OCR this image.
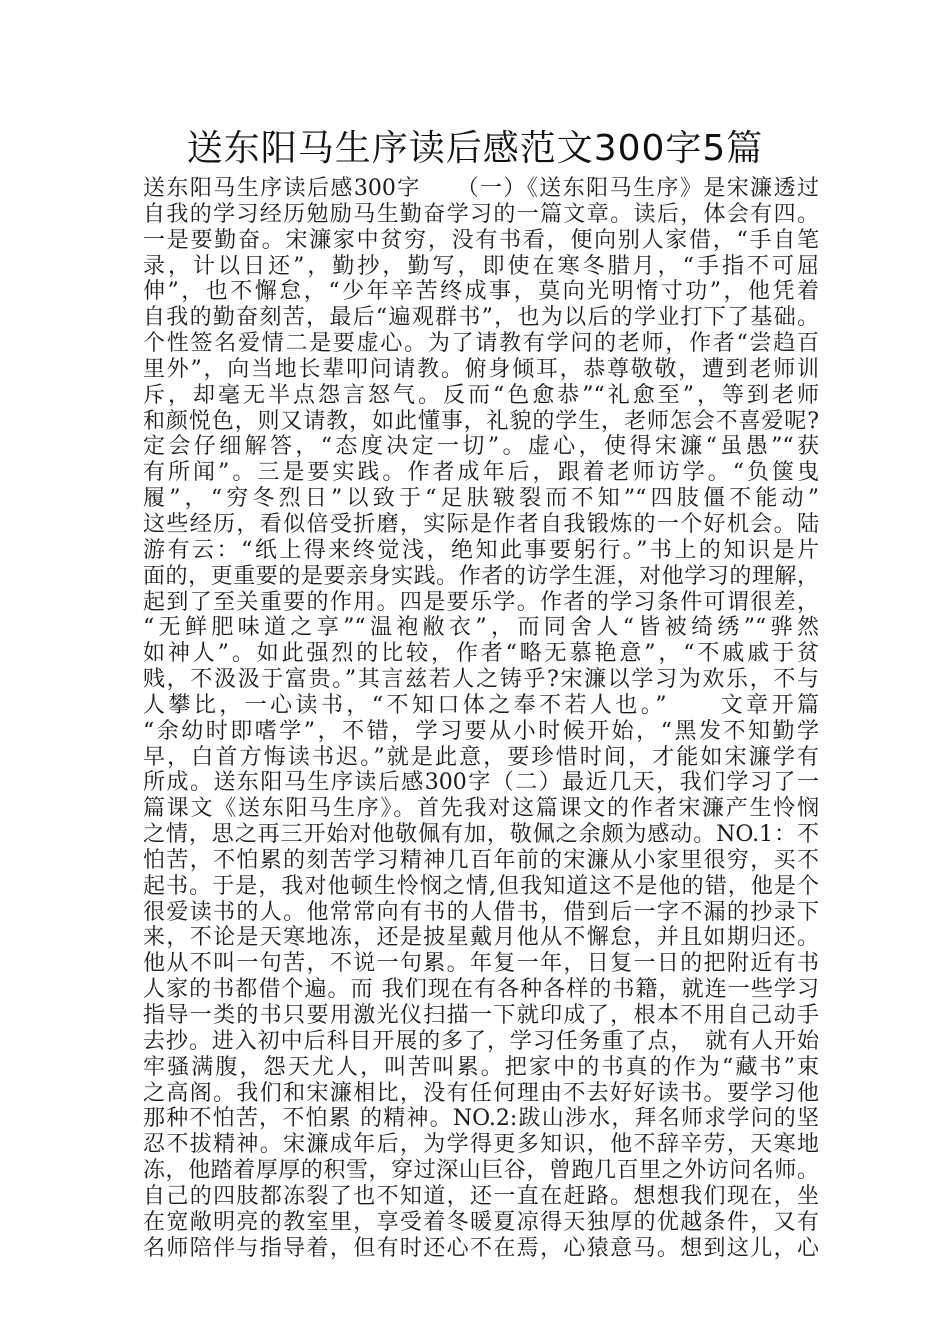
送东阳马生序读后感范文300字5篇
送东阳马生序读后感300字　　（一）《送东阳马生序》是宋濂透过
自我的学习经历勉励马生勤奋学习的一篇文章。读后，体会有四。
一是要勤奋。宋濂家中贫穷，没有书看，便向别人家借，“手自笔
录，计以日还”，勤抄，勤写，即使在寒冬腊月，“手指不可屈
伸”，也不懈怠，“少年辛苦终成事，莫向光明惰寸功”，他凭着
自我的勤奋刻苦，最后“遍观群书”，也为以后的学业打下了基础。
个性签名爱情二是要虚心。为了请教有学问的老师，作者“尝趋百
里外”，向当地长辈叩问请教。俯身倾耳，恭尊敬敬，遭到老师训
斥，却毫无半点怨言怒气。反而“色愈恭”“礼愈至”，等到老师
和颜悦色，则又请教，如此懂事，礼貌的学生，老师怎会不喜爱呢?
定会仔细解答，“态度决定一切”。虚心，使得宋濂“虽愚”“获
有所闻”。三是要实践。作者成年后，跟着老师访学。“负箧曳
履”，“穷冬烈日”以致于“足肤皲裂而不知”“四肢僵不能动”
这些经历，看似倍受折磨，实际是作者自我锻炼的一个好机会。陆
游有云：“纸上得来终觉浅，绝知此事要躬行。”书上的知识是片
面的，更重要的是要亲身实践。作者的访学生涯，对他学习的理解，
起到了至关重要的作用。四是要乐学。作者的学习条件可谓很差，
“无鲜肥味道之享”“温袍敝衣”，而同舍人“皆被绮绣”“骅然
如神人”。如此强烈的比较，作者“略无慕艳意”，“不戚戚于贫
贱，不汲汲于富贵。”其言兹若人之铸乎?宋濂以学习为欢乐，不与
人攀比，一心读书，“不知口体之奉不若人也。”　　文章开篇
“余幼时即嗜学”，不错，学习要从小时候开始，“黑发不知勤学
早，白首方悔读书迟。”就是此意，要珍惜时间，才能如宋濂学有
所成。送东阳马生序读后感300字（二）最近几天，我们学习了一
篇课文《送东阳马生序》。首先我对这篇课文的作者宋濂产生怜悯
之情，思之再三开始对他敬佩有加，敬佩之余颇为感动。NO.1：不
怕苦，不怕累的刻苦学习精神几百年前的宋濂从小家里很穷，买不
起书。于是，我对他顿生怜悯之情,但我知道这不是他的错，他是个
很爱读书的人。他常常向有书的人借书，借到后一字不漏的抄录下
来，不论是天寒地冻，还是披星戴月他从不懈怠，并且如期归还。
他从不叫一句苦，不说一句累。年复一年，日复一日的把附近有书
人家的书都借个遍。而 我们现在有各种各样的书籍，就连一些学习
指导一类的书只要用激光仪扫描一下就印成了，根本不用自己动手
去抄。进入初中后科目开展的多了，学习任务重了点，　就有人开始
牢骚满腹，怨天尤人，叫苦叫累。把家中的书真的作为“藏书”束
之高阁。我们和宋濂相比，没有任何理由不去好好读书。要学习他
那种不怕苦，不怕累 的精神。NO.2:跋山涉水，拜名师求学问的坚
忍不拔精神。宋濂成年后，为学得更多知识，他不辞辛劳，天寒地
冻，他踏着厚厚的积雪，穿过深山巨谷，曾跑几百里之外访问名师。
自己的四肢都冻裂了也不知道，还一直在赶路。想想我们现在，坐
在宽敞明亮的教室里，享受着冬暖夏凉得天独厚的优越条件，又有
名师陪伴与指导着，但有时还心不在焉，心猿意马。想到这儿，心
